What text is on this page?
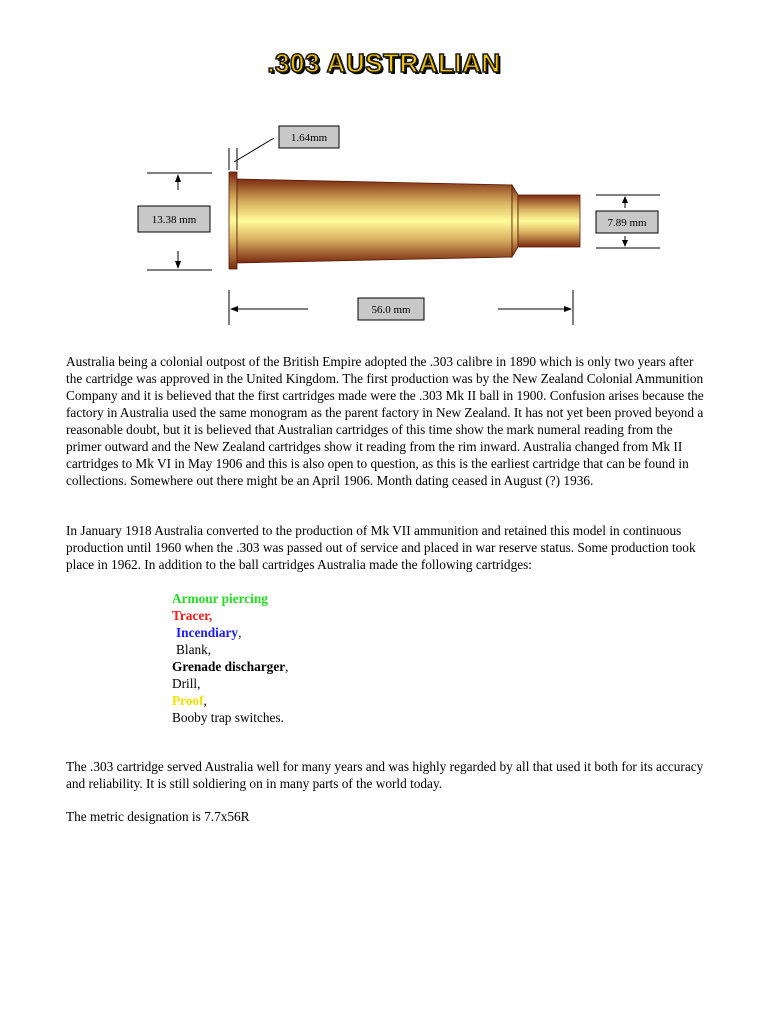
.303 AUSTRALIAN
1.64mm
13.38 mm	7.89 mm
56.0 mm

Australia being a colonial outpost of the British Empire adopted the .303 calibre in 1890 which is only two years after the cartridge was approved in the United Kingdom. The first production was by the New Zealand Colonial Ammunition Company and it is believed that the first cartridges made were the .303 Mk II ball in 1900. Confusion arises because the factory in Australia used the same monogram as the parent factory in New Zealand. It has not yet been proved beyond a reasonable doubt, but it is believed that Australian cartridges of this time show the mark numeral reading from the primer outward and the New Zealand cartridges show it reading from the rim inward. Australia changed from Mk II cartridges to Mk VI in May 1906 and this is also open to question, as this is the earliest cartridge that can be found in collections. Somewhere out there might be an April 1906. Month dating ceased in August (?) 1936.

In January 1918 Australia converted to the production of Mk VII ammunition and retained this model in continuous production until 1960 when the .303 was passed out of service and placed in war reserve status. Some production took place in 1962. In addition to the ball cartridges Australia made the following cartridges:

Armour piercing
Tracer,
Incendiary,
Blank,
Grenade discharger,
Drill,
Proof,
Booby trap switches.

The .303 cartridge served Australia well for many years and was highly regarded by all that used it both for its accuracy and reliability. It is still soldiering on in many parts of the world today.

The metric designation is 7.7x56R
